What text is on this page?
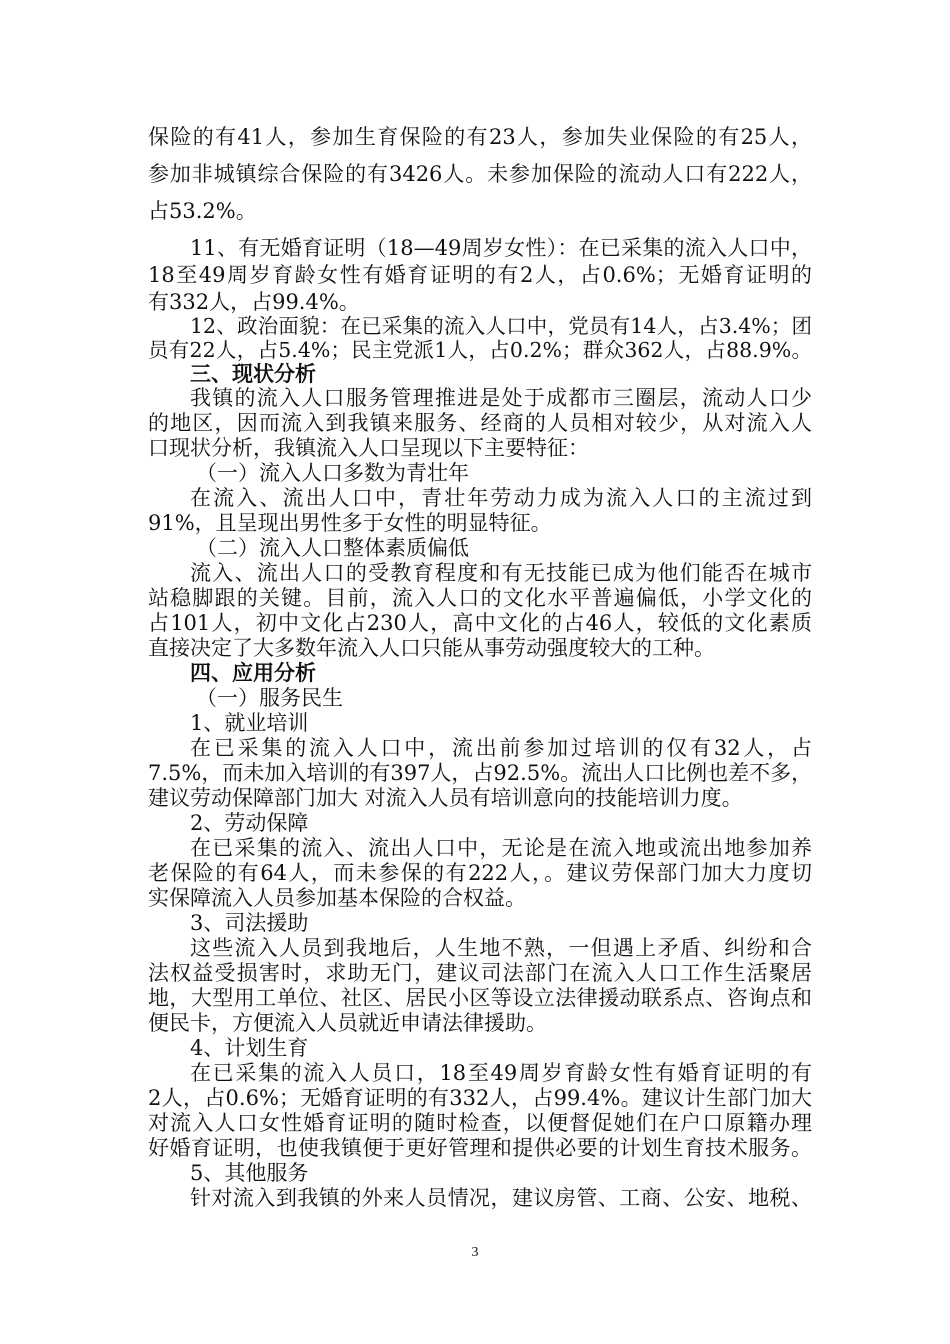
保险的有41人，参加生育保险的有23人，参加失业保险的有25人，
参加非城镇综合保险的有3426人。未参加保险的流动人口有222人，
占53.2%。
11、有无婚育证明（18—49周岁女性）：在已采集的流入人口中，
18至49周岁育龄女性有婚育证明的有2人，占0.6%；无婚育证明的
有332人，占99.4%。
12、政治面貌：在已采集的流入人口中，党员有14人，占3.4%；团
员有22人，占5.4%；民主党派1人，占0.2%；群众362人，占88.9%。
三、现状分析
我镇的流入人口服务管理推进是处于成都市三圈层，流动人口少
的地区，因而流入到我镇来服务、经商的人员相对较少，从对流入人
口现状分析，我镇流入人口呈现以下主要特征：
（一）流入人口多数为青壮年
在流入、流出人口中，青壮年劳动力成为流入人口的主流过到
91%，且呈现出男性多于女性的明显特征。
（二）流入人口整体素质偏低
流入、流出人口的受教育程度和有无技能已成为他们能否在城市
站稳脚跟的关键。目前，流入人口的文化水平普遍偏低，小学文化的
占101人，初中文化占230人，高中文化的占46人，较低的文化素质
直接决定了大多数年流入人口只能从事劳动强度较大的工种。
四、应用分析
（一）服务民生
1、就业培训
在已采集的流入人口中，流出前参加过培训的仅有32人，占
7.5%，而未加入培训的有397人，占92.5%。流出人口比例也差不多，
建议劳动保障部门加大 对流入人员有培训意向的技能培训力度。
2、劳动保障
在已采集的流入、流出人口中，无论是在流入地或流出地参加养
老保险的有64人，而未参保的有222人，。建议劳保部门加大力度切
实保障流入人员参加基本保险的合权益。
3、司法援助
这些流入人员到我地后，人生地不熟，一但遇上矛盾、纠纷和合
法权益受损害时，求助无门，建议司法部门在流入人口工作生活聚居
地，大型用工单位、社区、居民小区等设立法律援动联系点、咨询点和
便民卡，方便流入人员就近申请法律援助。
4、计划生育
在已采集的流入人员口，18至49周岁育龄女性有婚育证明的有
2人，占0.6%；无婚育证明的有332人，占99.4%。建议计生部门加大
对流入人口女性婚育证明的随时检查，以便督促她们在户口原籍办理
好婚育证明，也使我镇便于更好管理和提供必要的计划生育技术服务。
5、其他服务
针对流入到我镇的外来人员情况，建议房管、工商、公安、地税、
3
